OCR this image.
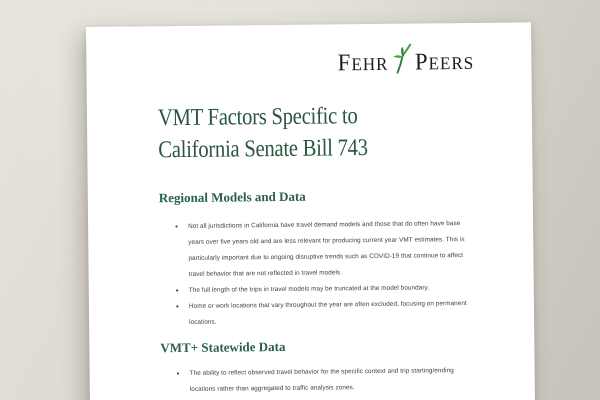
FEHR PEERS
VMT Factors Specific to
California Senate Bill 743
Regional Models and Data
• Not all jurisdictions in California have travel demand models and those that do often have base years over five years old and are less relevant for producing current year VMT estimates. This is particularly important due to ongoing disruptive trends such as COVID-19 that continue to affect travel behavior that are not reflected in travel models.
• The full length of the trips in travel models may be truncated at the model boundary.
• Home or work locations that vary throughout the year are often excluded, focusing on permanent locations.
VMT+ Statewide Data
• The ability to reflect observed travel behavior for the specific context and trip starting/ending locations rather than aggregated to traffic analysis zones.
